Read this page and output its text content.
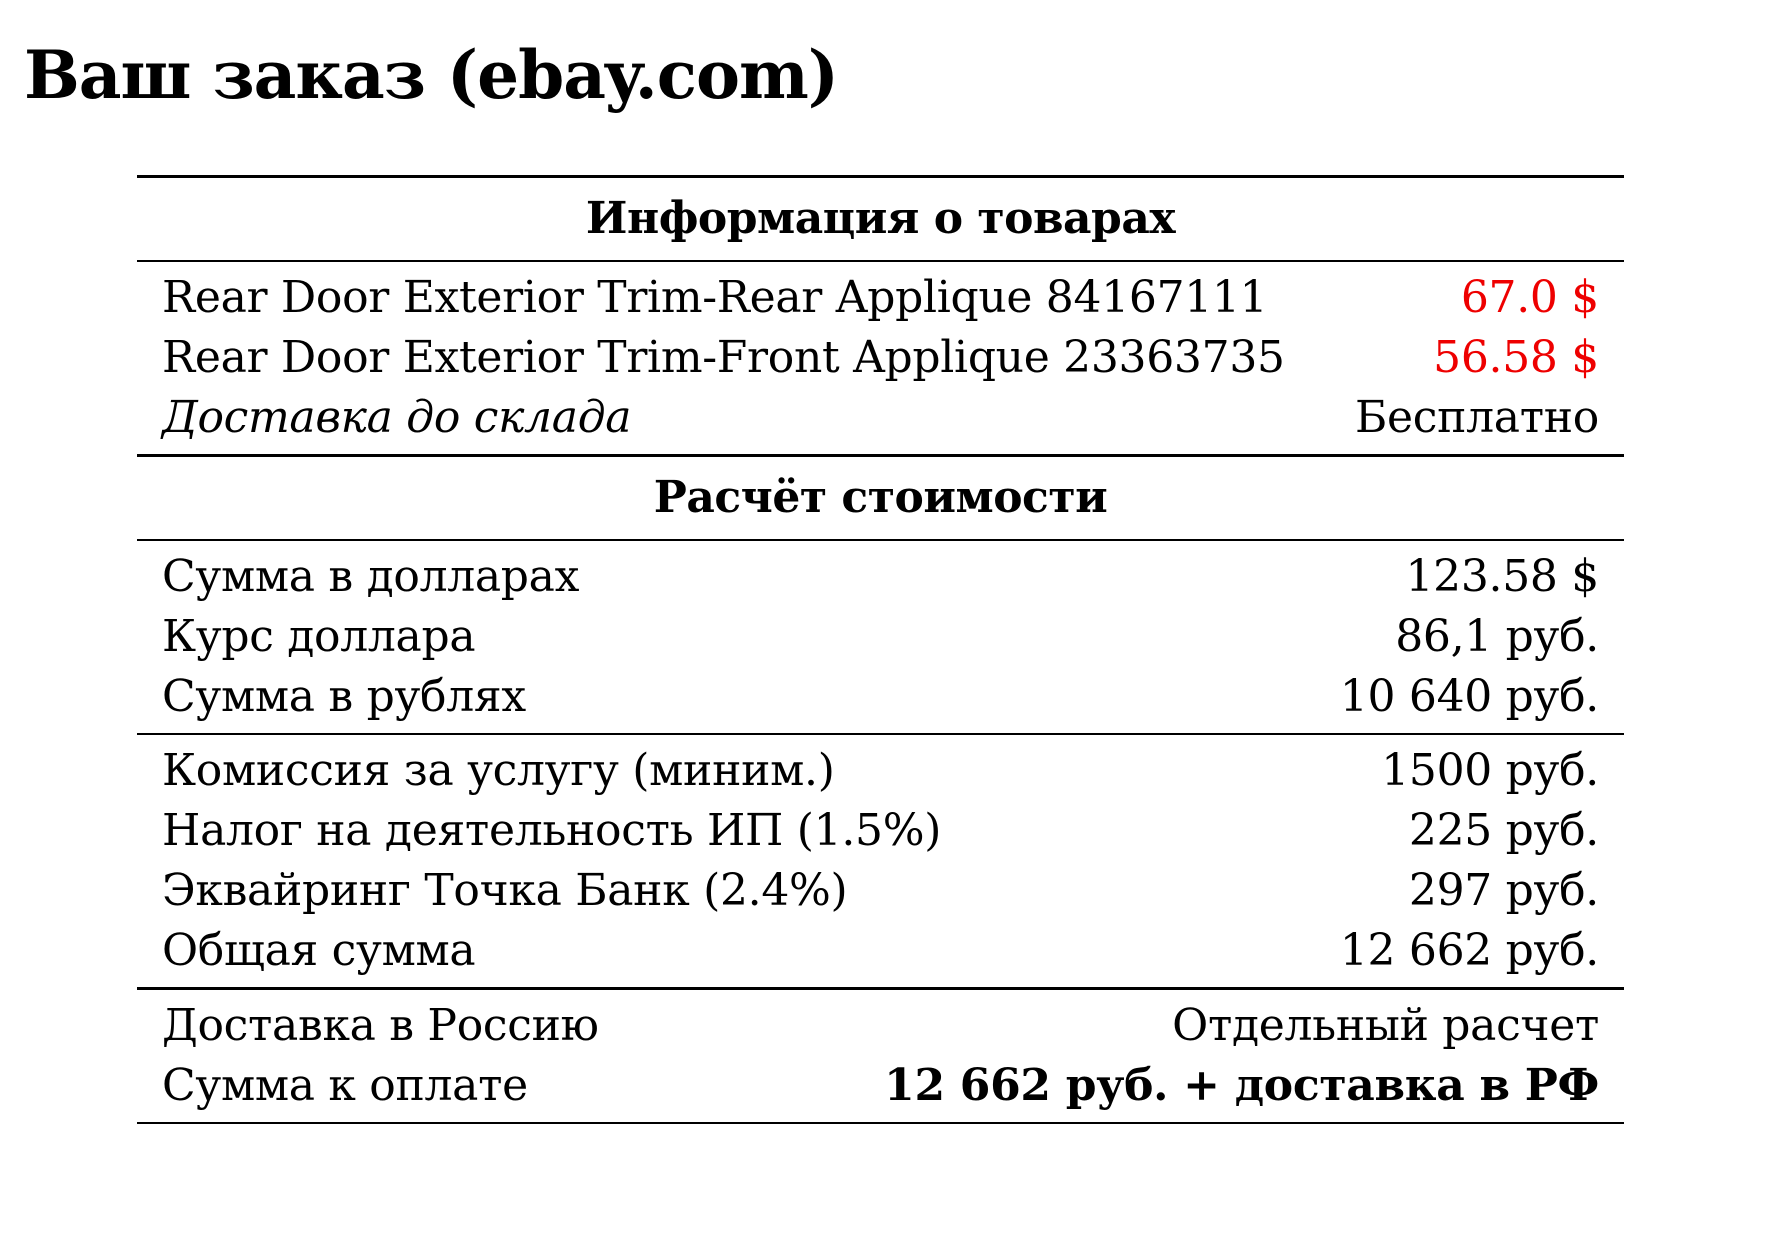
Ваш заказ (ebay.com)
Информация о товарах
Rear Door Exterior Trim-Rear Applique 84167111	67.0 $
Rear Door Exterior Trim-Front Applique 23363735	56.58 $
Доставка до склада	Бесплатно
Расчёт стоимости
Сумма в долларах	123.58 $
Курс доллара	86,1 руб.
Сумма в рублях	10 640 руб.
Комиссия за услугу (миним.)	1500 руб.
Налог на деятельность ИП (1.5%)	225 руб.
Эквайринг Точка Банк (2.4%)	297 руб.
Общая сумма	12 662 руб.
Доставка в Россию	Отдельный расчет
Сумма к оплате	12 662 руб. + доставка в РФ
